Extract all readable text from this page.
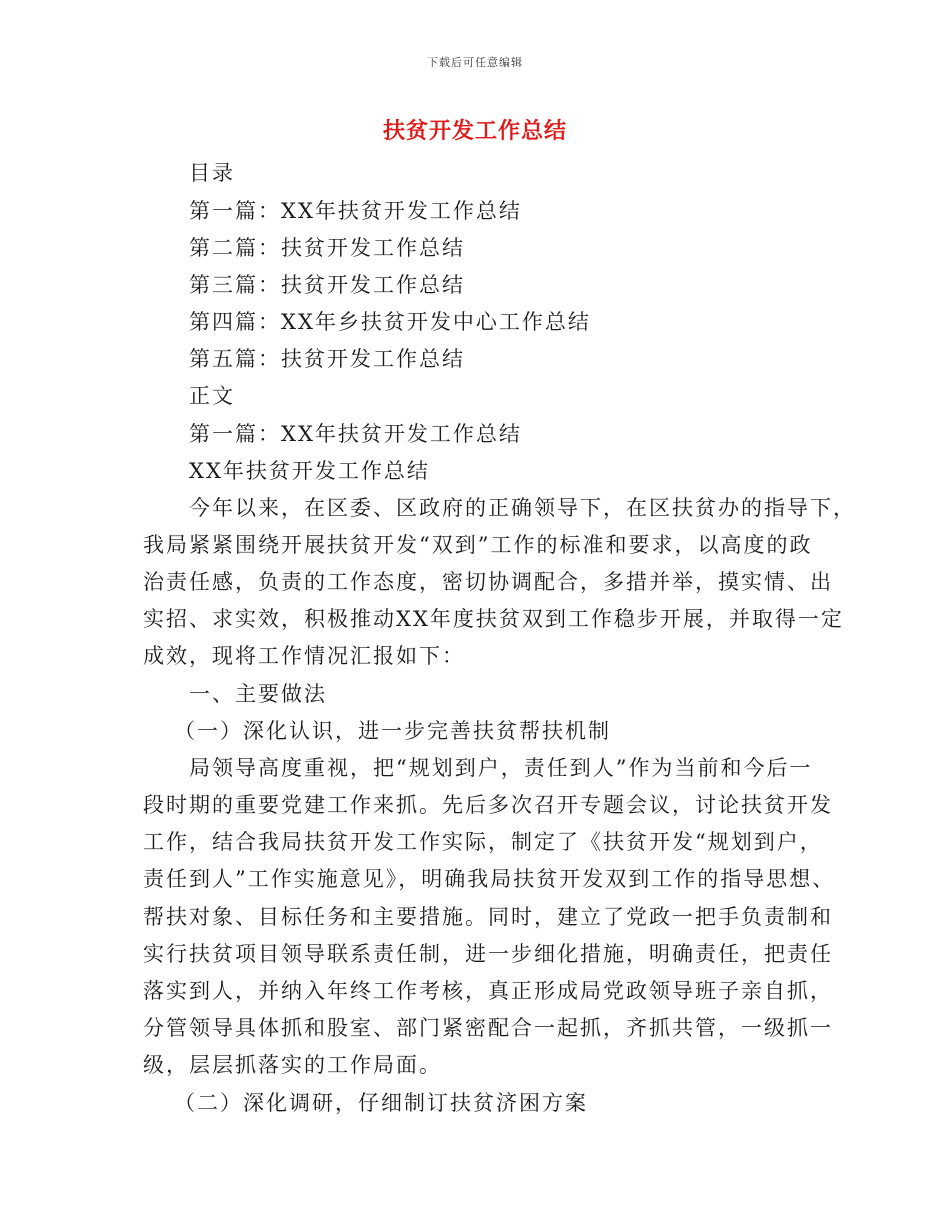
下载后可任意编辑
扶贫开发工作总结
目录
第一篇：XX年扶贫开发工作总结
第二篇：扶贫开发工作总结
第三篇：扶贫开发工作总结
第四篇：XX年乡扶贫开发中心工作总结
第五篇：扶贫开发工作总结
正文
第一篇：XX年扶贫开发工作总结
XX年扶贫开发工作总结
今年以来，在区委、区政府的正确领导下，在区扶贫办的指导下，
我局紧紧围绕开展扶贫开发“双到”工作的标准和要求，以高度的政
治责任感，负责的工作态度，密切协调配合，多措并举，摸实情、出
实招、求实效，积极推动XX年度扶贫双到工作稳步开展，并取得一定
成效，现将工作情况汇报如下：
一、主要做法
（一）深化认识，进一步完善扶贫帮扶机制
局领导高度重视，把“规划到户，责任到人”作为当前和今后一
段时期的重要党建工作来抓。先后多次召开专题会议，讨论扶贫开发
工作，结合我局扶贫开发工作实际，制定了《扶贫开发“规划到户，
责任到人”工作实施意见》，明确我局扶贫开发双到工作的指导思想、
帮扶对象、目标任务和主要措施。同时，建立了党政一把手负责制和
实行扶贫项目领导联系责任制，进一步细化措施，明确责任，把责任
落实到人，并纳入年终工作考核，真正形成局党政领导班子亲自抓，
分管领导具体抓和股室、部门紧密配合一起抓，齐抓共管，一级抓一
级，层层抓落实的工作局面。
（二）深化调研，仔细制订扶贫济困方案
